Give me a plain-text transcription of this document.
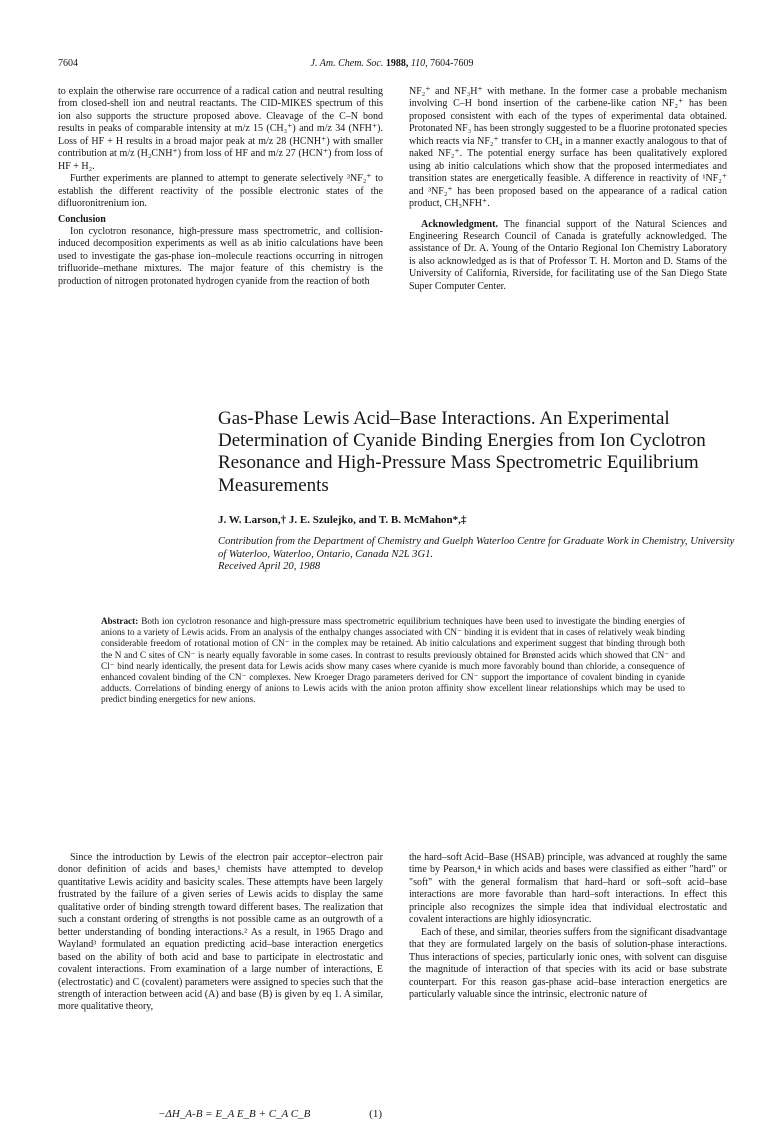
7604	J. Am. Chem. Soc. 1988, 110, 7604-7609

to explain the otherwise rare occurrence of a radical cation and neutral resulting from closed-shell ion and neutral reactants. The CID-MIKES spectrum of this ion also supports the structure proposed above. Cleavage of the C–N bond results in peaks of comparable intensity at m/z 15 (CH₃⁺) and m/z 34 (NFH⁺). Loss of HF + H results in a broad major peak at m/z 28 (HCNH⁺) with smaller contribution at m/z (H₂CNH⁺) from loss of HF and m/z 27 (HCN⁺) from loss of HF + H₂.

Further experiments are planned to attempt to generate selectively ³NF₂⁺ to establish the different reactivity of the possible electronic states of the difluoronitrenium ion.

Conclusion

Ion cyclotron resonance, high-pressure mass spectrometric, and collision-induced decomposition experiments as well as ab initio calculations have been used to investigate the gas-phase ion–molecule reactions occurring in nitrogen trifluoride–methane mixtures. The major feature of this chemistry is the production of nitrogen protonated hydrogen cyanide from the reaction of both

NF₂⁺ and NF₃H⁺ with methane. In the former case a probable mechanism involving C–H bond insertion of the carbene-like cation NF₂⁺ has been proposed consistent with each of the types of experimental data obtained. Protonated NF₃ has been strongly suggested to be a fluorine protonated species which reacts via NF₂⁺ transfer to CH₄ in a manner exactly analogous to that of naked NF₂⁺. The potential energy surface has been qualitatively explored using ab initio calculations which show that the proposed intermediates and transition states are energetically feasible. A difference in reactivity of ¹NF₂⁺ and ³NF₂⁺ has been proposed based on the appearance of a radical cation product, CH₃NFH⁺.

Acknowledgment. The financial support of the Natural Sciences and Engineering Research Council of Canada is gratefully acknowledged. The assistance of Dr. A. Young of the Ontario Regional Ion Chemistry Laboratory is also acknowledged as is that of Professor T. H. Morton and D. Stams of the University of California, Riverside, for facilitating use of the San Diego State Super Computer Center.

Gas-Phase Lewis Acid–Base Interactions. An Experimental Determination of Cyanide Binding Energies from Ion Cyclotron Resonance and High-Pressure Mass Spectrometric Equilibrium Measurements
J. W. Larson,† J. E. Szulejko, and T. B. McMahon*,‡
Contribution from the Department of Chemistry and Guelph Waterloo Centre for Graduate Work in Chemistry, University of Waterloo, Waterloo, Ontario, Canada N2L 3G1.
Received April 20, 1988
Abstract: Both ion cyclotron resonance and high-pressure mass spectrometric equilibrium techniques have been used to investigate the binding energies of anions to a variety of Lewis acids. From an analysis of the enthalpy changes associated with CN⁻ binding it is evident that in cases of relatively weak binding considerable freedom of rotational motion of CN⁻ in the complex may be retained. Ab initio calculations and experiment suggest that binding through both the N and C sites of CN⁻ is nearly equally favorable in some cases. In contrast to results previously obtained for Brønsted acids which showed that CN⁻ and Cl⁻ bind nearly identically, the present data for Lewis acids show many cases where cyanide is much more favorably bound than chloride, a consequence of enhanced covalent binding of the CN⁻ complexes. New Kroeger Drago parameters derived for CN⁻ support the importance of covalent binding in cyanide adducts. Correlations of binding energy of anions to Lewis acids with the anion proton affinity show excellent linear relationships which may be used to predict binding energetics for new anions.

Since the introduction by Lewis of the electron pair acceptor–electron pair donor definition of acids and bases,¹ chemists have attempted to develop quantitative Lewis acidity and basicity scales. These attempts have been largely frustrated by the failure of a given series of Lewis acids to display the same qualitative order of binding strength toward different bases. The realization that such a constant ordering of strengths is not possible came as an outgrowth of a better understanding of bonding interactions.² As a result, in 1965 Drago and Wayland³ formulated an equation predicting acid–base interaction energetics based on the ability of both acid and base to participate in electrostatic and covalent interactions. From examination of a large number of interactions, E (electrostatic) and C (covalent) parameters were assigned to species such that the strength of interaction between acid (A) and base (B) is given by eq 1. A similar, more qualitative theory,

−ΔH_A-B = E_A E_B + C_A C_B	(1)

the hard–soft Acid–Base (HSAB) principle, was advanced at roughly the same time by Pearson,⁴ in which acids and bases were classified as either "hard" or "soft" with the general formalism that hard–hard or soft–soft acid–base interactions are more favorable than hard–soft interactions. In effect this principle also recognizes the simple idea that individual electrostatic and covalent interactions are highly idiosyncratic.

Each of these, and similar, theories suffers from the significant disadvantage that they are formulated largely on the basis of solution-phase interactions. Thus interactions of species, particularly ionic ones, with solvent can disguise the magnitude of interaction of that species with its acid or base substrate counterpart. For this reason gas-phase acid–base interaction energetics are particularly valuable since the intrinsic, electronic nature of
